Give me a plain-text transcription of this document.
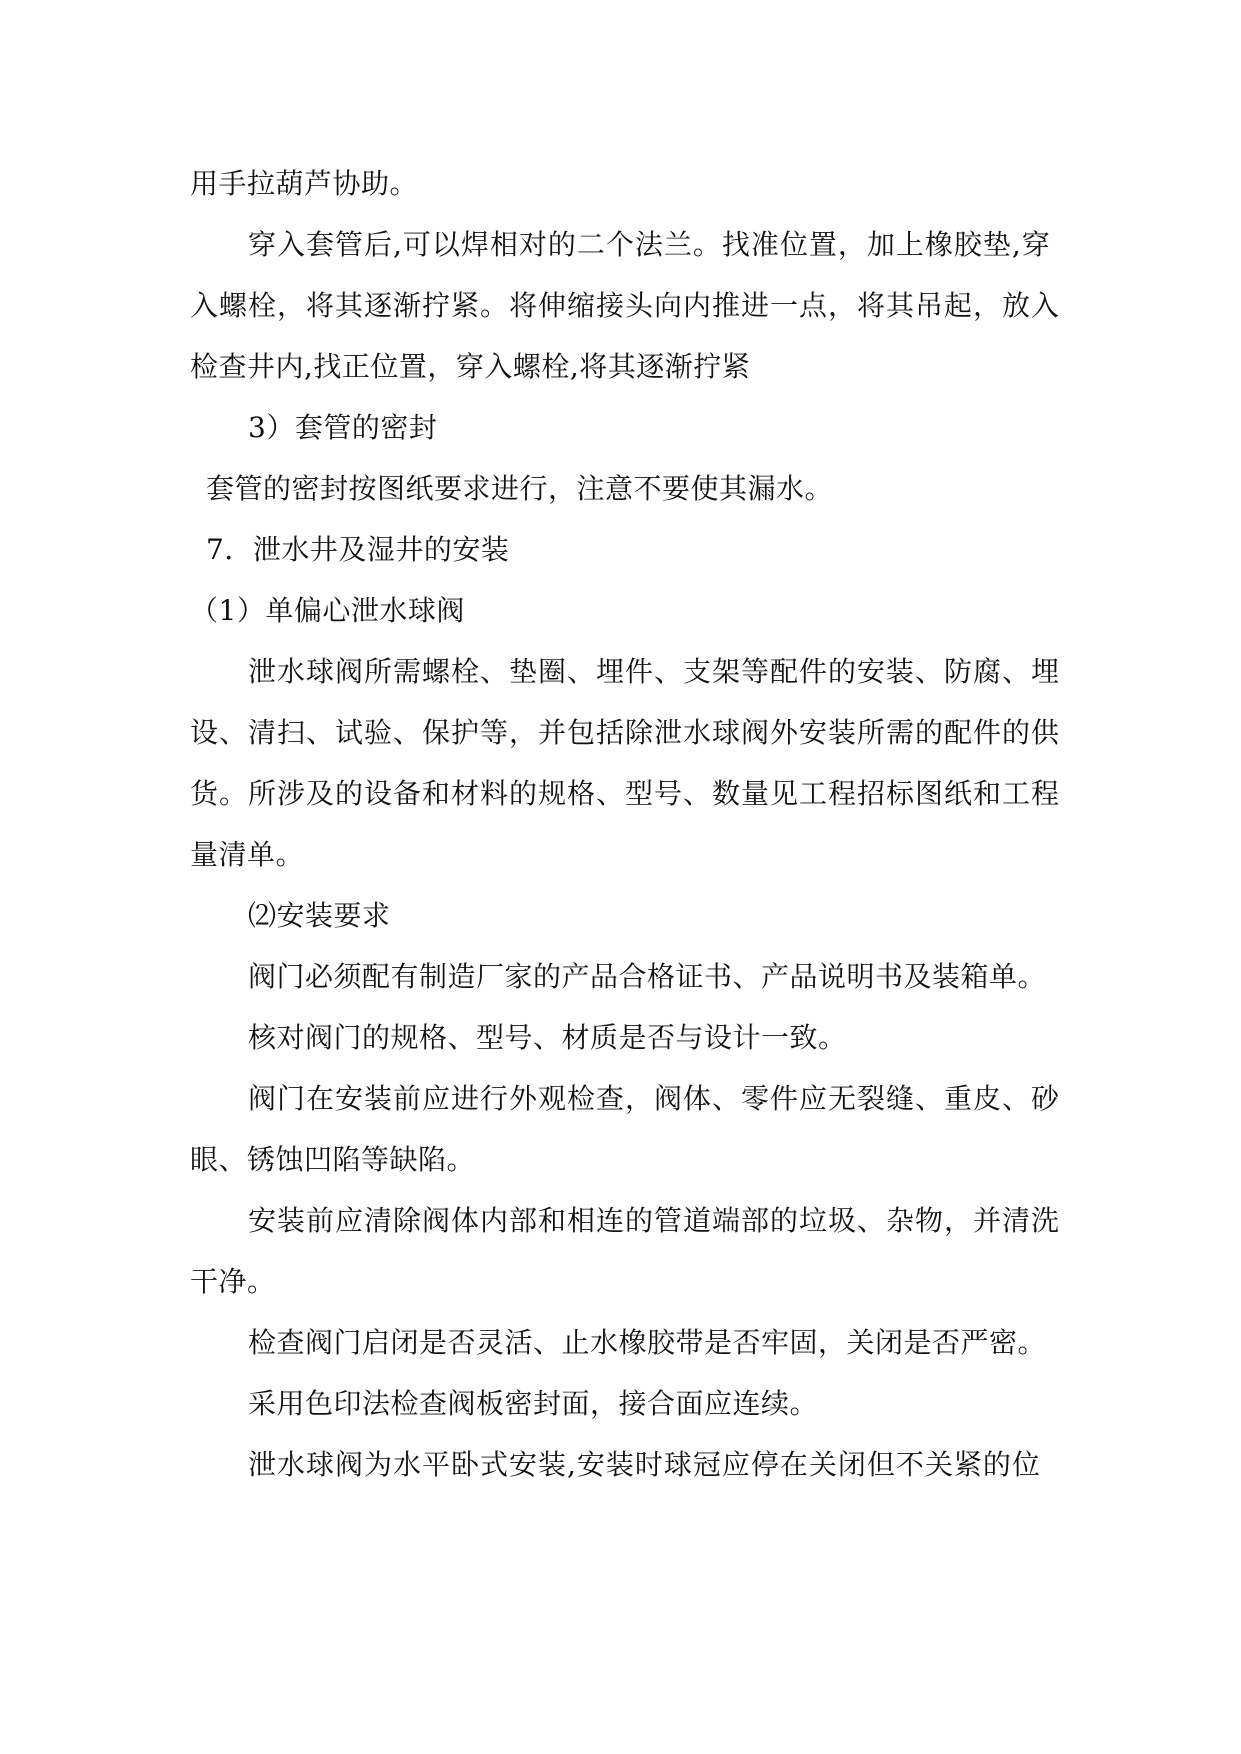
用手拉葫芦协助。
穿入套管后,可以焊相对的二个法兰。找准位置，加上橡胶垫,穿
入螺栓，将其逐渐拧紧。将伸缩接头向内推进一点，将其吊起，放入
检查井内,找正位置，穿入螺栓,将其逐渐拧紧
3）套管的密封
套管的密封按图纸要求进行，注意不要使其漏水。
7．泄水井及湿井的安装
（1）单偏心泄水球阀
泄水球阀所需螺栓、垫圈、埋件、支架等配件的安装、防腐、埋
设、清扫、试验、保护等，并包括除泄水球阀外安装所需的配件的供
货。所涉及的设备和材料的规格、型号、数量见工程招标图纸和工程
量清单。
⑵安装要求
阀门必须配有制造厂家的产品合格证书、产品说明书及装箱单。
核对阀门的规格、型号、材质是否与设计一致。
阀门在安装前应进行外观检查，阀体、零件应无裂缝、重皮、砂
眼、锈蚀凹陷等缺陷。
安装前应清除阀体内部和相连的管道端部的垃圾、杂物，并清洗
干净。
检查阀门启闭是否灵活、止水橡胶带是否牢固，关闭是否严密。
采用色印法检查阀板密封面，接合面应连续。
泄水球阀为水平卧式安装,安装时球冠应停在关闭但不关紧的位
